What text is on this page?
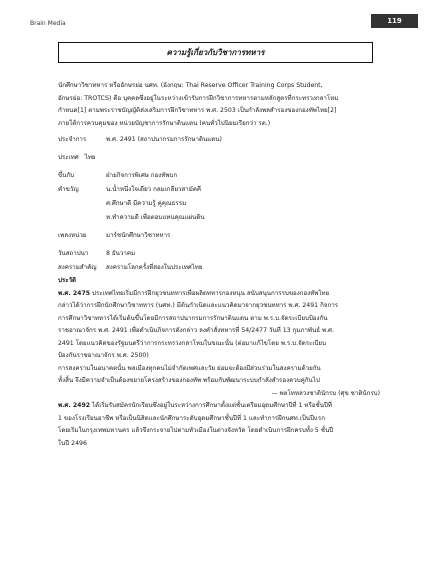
Brain Media	119
ความรู้เกี่ยวกับวิชาการทหาร

นักศึกษาวิชาทหาร หรืออักษรย่อ นศท. (อังกฤษ: Thai Reserve Officer Training Corps Student,

อักษรย่อ: TROTCS) คือ บุคคลซึ่งอยู่ในระหว่างเข้ารับการฝึกวิชาการทหารตามหลักสูตรที่กระทรวงกลาโหม

กำหนด[1] ตามพระราชบัญญัติส่งเสริมการฝึกวิชาทหาร พ.ศ. 2503 เป็นกำลังพลสำรองของกองทัพไทย[2]

ภายใต้การควบคุมของ หน่วยบัญชาการรักษาดินแดน (คนทั่วไปนิยมเรียกว่า รด.)

ประจำการ	พ.ศ. 2491 (สถาปนากรมการรักษาดินแดน)
ประเทศ ไทย
ขึ้นกับ	ฝ่ายกิจการพิเศษ กองทัพบก
คำขวัญ	น.น้ำหนึ่งใจเดียว กลมเกลียวสามัคคี
ศ.ศึกษาดี มีความรู้ คู่คุณธรรม
ท.ทำความดี เพื่อตอบแทนคุณแผ่นดิน
เพลงหน่วย	มาร์ชนักศึกษาวิชาทหาร
วันสถาปนา	8 ธันวาคม
สงครามสำคัญ	สงครามโลกครั้งที่สองในประเทศไทย

ประวัติ

พ.ศ. 2475 ประเทศไทยเริ่มมีการฝึกยุวชนทหารเพื่อผลิตทหารกองหนุน สนับสนุนการรบของกองทัพไทย

กล่าวได้ว่าการฝึกนักศึกษาวิชาทหาร (นศท.) มีต้นกำเนิดและแนวคิดมาจากยุวชนทหาร พ.ศ. 2491 กิจการ

การศึกษาวิชาทหารได้เริ่มต้นขึ้นโดยมีการสถาปนากรมการรักษาดินแดน ตาม พ.ร.บ.จัดระเบียบป้องกัน

ราชอาณาจักร พ.ศ. 2491 เพื่อดำเนินกิจการดังกล่าว ลงคำสั่งทหารที่ 54/2477 วันที่ 13 กุมภาพันธ์ พ.ศ.

2491 โดยแนวคิดของรัฐมนตรีว่าการกระทรวงกลาโหมในขณะนั้น (ต่อมาแก้ไขโดย พ.ร.บ.จัดระเบียบ

ป้องกันราชอาณาจักร พ.ศ. 2500)

การสงครามในอนาคตนั้น พลเมืองทุกคนไม่จำกัดเพศและวัย ย่อมจะต้องมีส่วนร่วมในสงครามด้วยกัน

ทั้งสิ้น จึงมีความจำเป็นต้องขยายโครงสร้างของกองทัพ พร้อมกับพัฒนาระบบกำลังสำรองควบคู่กันไป

— พลโทหลวงชาตินักรบ (ศุข ชาตินักรบ)

พ.ศ. 2492 ได้เริ่มรับสมัครนักเรียนซึ่งอยู่ในระหว่างการศึกษาตั้งแต่ชั้นเตรียมอุดมศึกษาปีที่ 1 หรือชั้นปีที่

1 ของโรงเรียนอาชีพ หรือเป็นนิสิตและนักศึกษาระดับอุดมศึกษาชั้นปีที่ 1 และทำการฝึกนศท.เป็นปีแรก

โดยเริ่มในกรุงเทพมหานคร แล้วจึงกระจายไปตามหัวเมืองในต่างจังหวัด โดยดำเนินการฝึกครบทั้ง 5 ชั้นปี

ในปี 2496
